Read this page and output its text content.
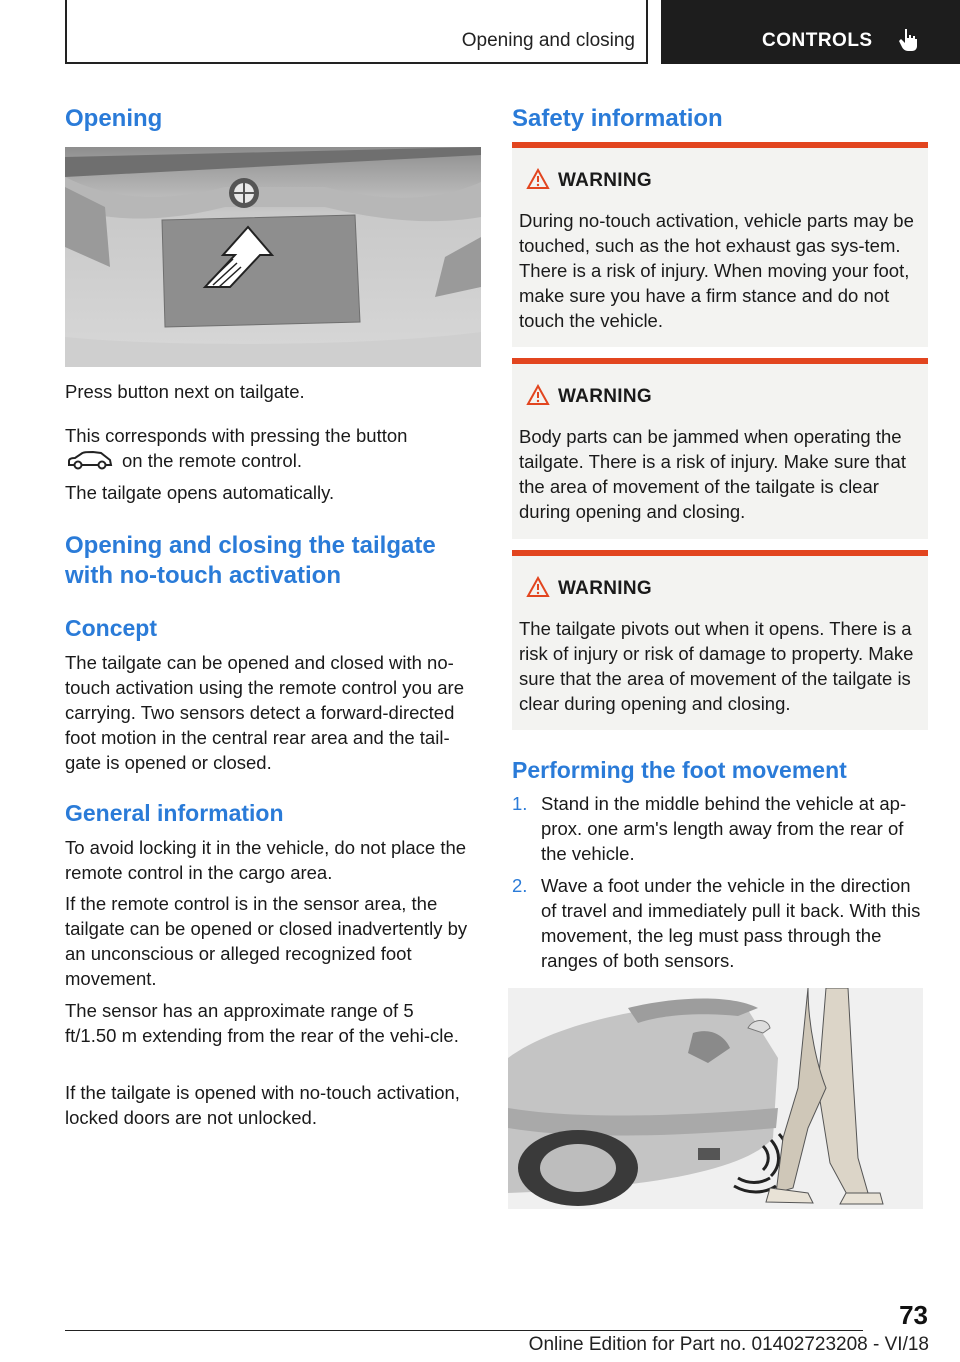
Opening and closing	CONTROLS
Opening

Press button next on tailgate.

This corresponds with pressing the button

on the remote control.

The tailgate opens automatically.

Opening and closing the tailgate
with no-touch activation
Concept

The tailgate can be opened and closed with no-touch activation using the remote control you are carrying. Two sensors detect a forward-directed foot motion in the central rear area and the tail-gate is opened or closed.

General information

To avoid locking it in the vehicle, do not place the remote control in the cargo area.

If the remote control is in the sensor area, the tailgate can be opened or closed inadvertently by an unconscious or alleged recognized foot movement.

The sensor has an approximate range of 5 ft/1.50 m extending from the rear of the vehi-cle.

If the tailgate is opened with no-touch activation, locked doors are not unlocked.

Safety information
WARNING
During no-touch activation, vehicle parts may be touched, such as the hot exhaust gas sys-tem. There is a risk of injury. When moving your foot, make sure you have a firm stance and do not touch the vehicle.
WARNING
Body parts can be jammed when operating the tailgate. There is a risk of injury. Make sure that the area of movement of the tailgate is clear during opening and closing.
WARNING
The tailgate pivots out when it opens. There is a risk of injury or risk of damage to property. Make sure that the area of movement of the tailgate is clear during opening and closing.
Performing the foot movement
1. Stand in the middle behind the vehicle at ap-prox. one arm's length away from the rear of the vehicle.
2. Wave a foot under the vehicle in the direction of travel and immediately pull it back. With this movement, the leg must pass through the ranges of both sensors.
73
Online Edition for Part no. 01402723208 - VI/18
